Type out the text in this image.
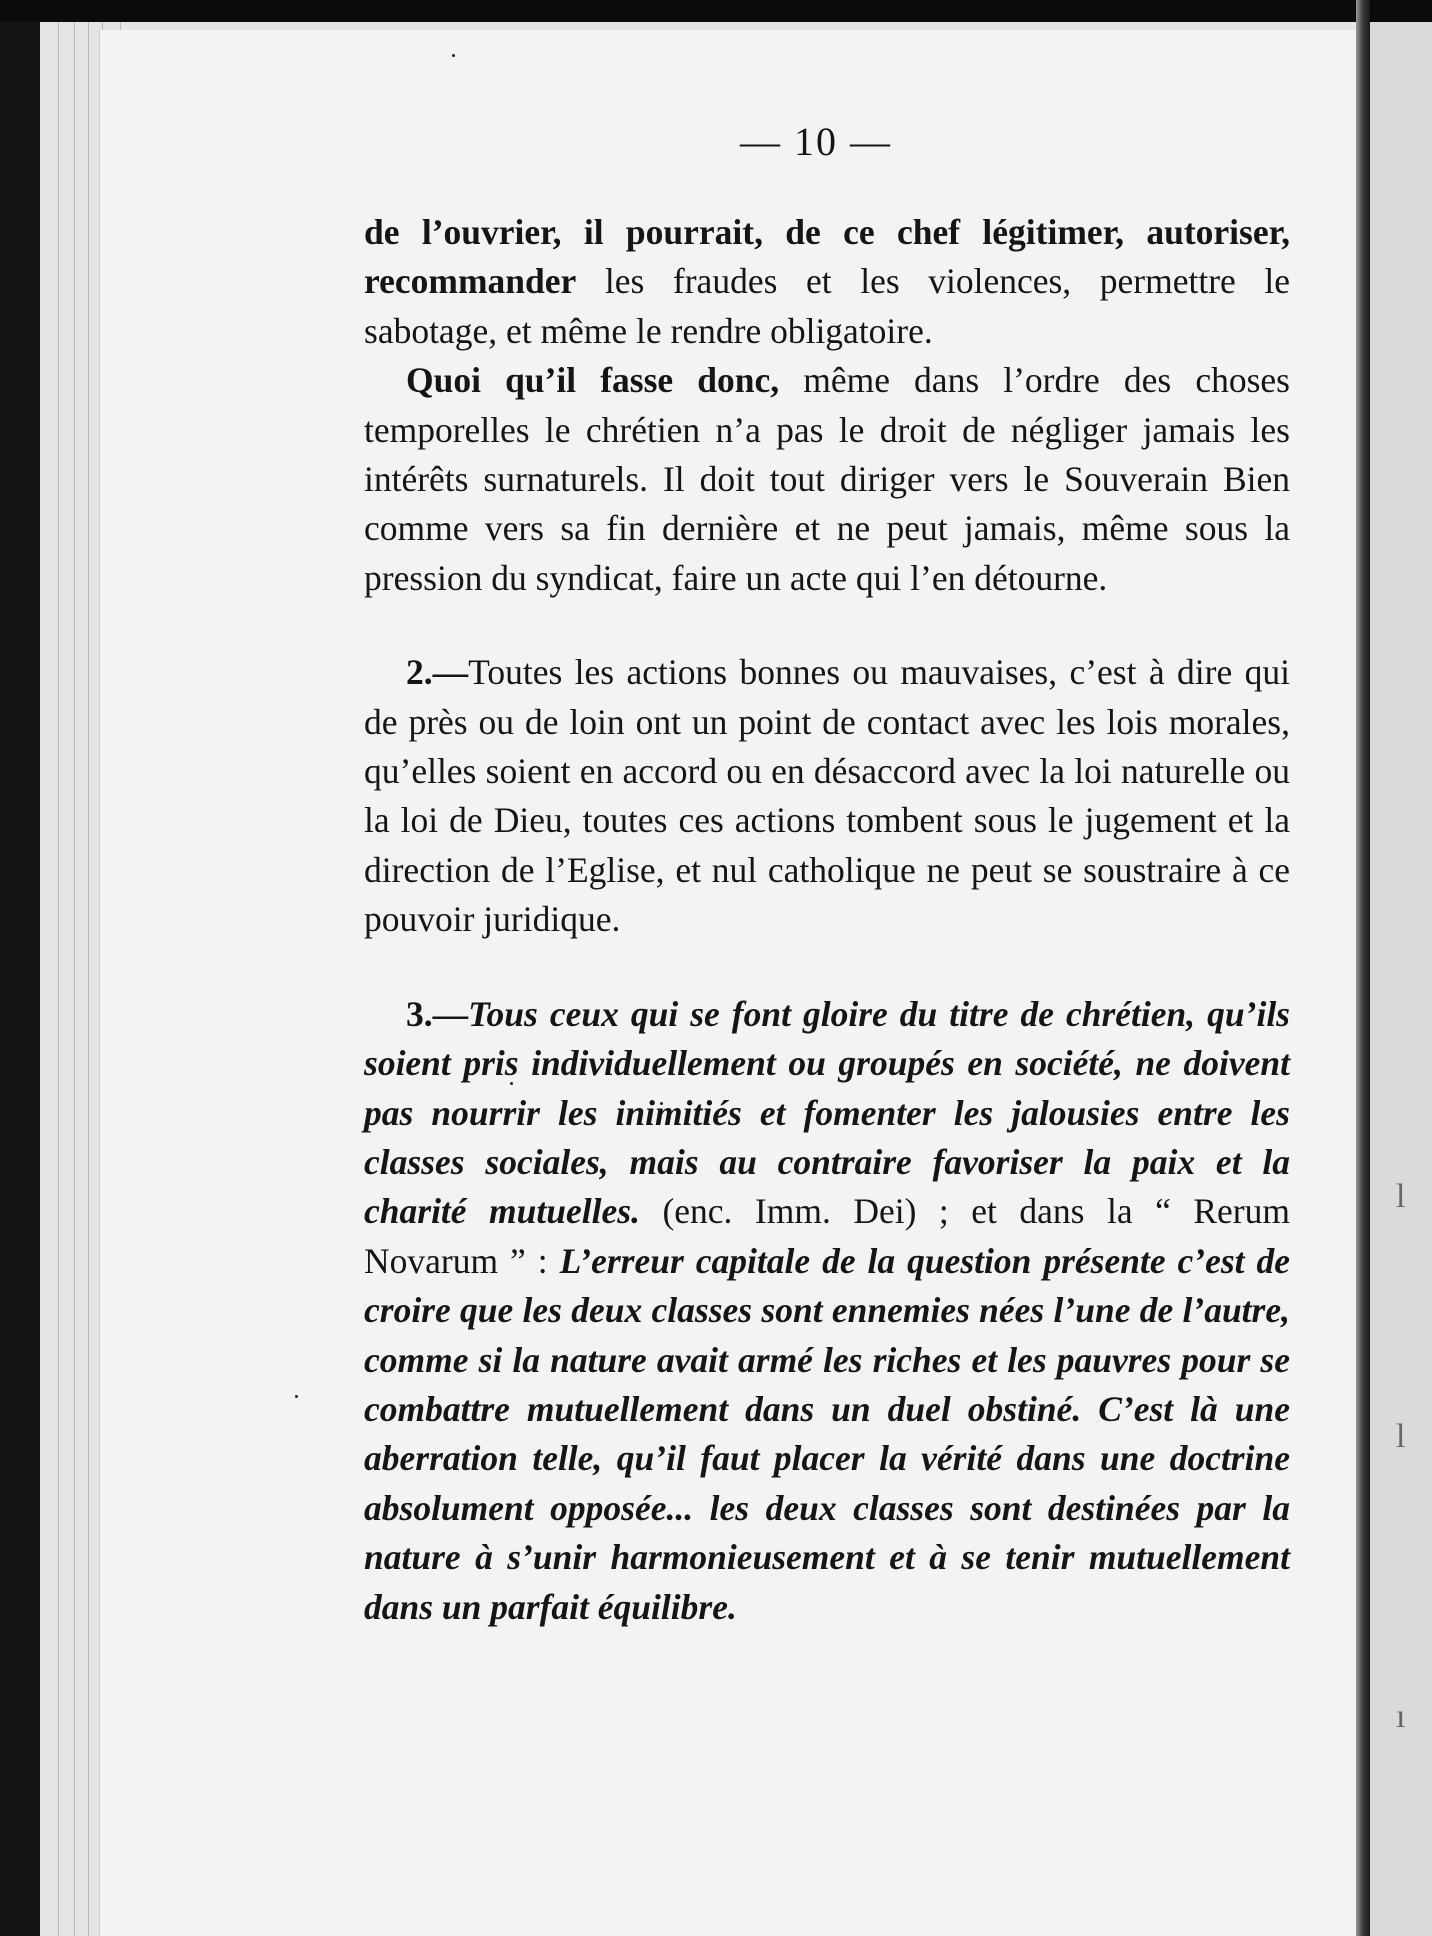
l
l
ı
— 10 —

de l’ouvrier, il pourrait, de ce chef légitimer, autoriser, recommander les fraudes et les violences, permettre le sabotage, et même le rendre obligatoire.

Quoi qu’il fasse donc, même dans l’ordre des choses temporelles le chrétien n’a pas le droit de négliger jamais les intérêts surnaturels. Il doit tout diriger vers le Souverain Bien comme vers sa fin dernière et ne peut jamais, même sous la pression du syndicat, faire un acte qui l’en détourne.

2.—Toutes les actions bonnes ou mauvaises, c’est à dire qui de près ou de loin ont un point de contact avec les lois morales, qu’elles soient en accord ou en désaccord avec la loi naturelle ou la loi de Dieu, toutes ces actions tombent sous le jugement et la direction de l’Eglise, et nul catholique ne peut se soustraire à ce pouvoir juridique.

3.—Tous ceux qui se font gloire du titre de chrétien, qu’ils soient pris individuellement ou groupés en société, ne doivent pas nourrir les inimitiés et fomenter les jalousies entre les classes sociales, mais au contraire favoriser la paix et la charité mutuelles. (enc. Imm. Dei) ; et dans la “ Rerum Novarum ” : L’erreur capitale de la question présente c’est de croire que les deux classes sont ennemies nées l’une de l’autre, comme si la nature avait armé les riches et les pauvres pour se combattre mutuellement dans un duel obstiné. C’est là une aberration telle, qu’il faut placer la vérité dans une doctrine absolument opposée... les deux classes sont destinées par la nature à s’unir harmonieusement et à se tenir mutuellement dans un parfait équilibre.
